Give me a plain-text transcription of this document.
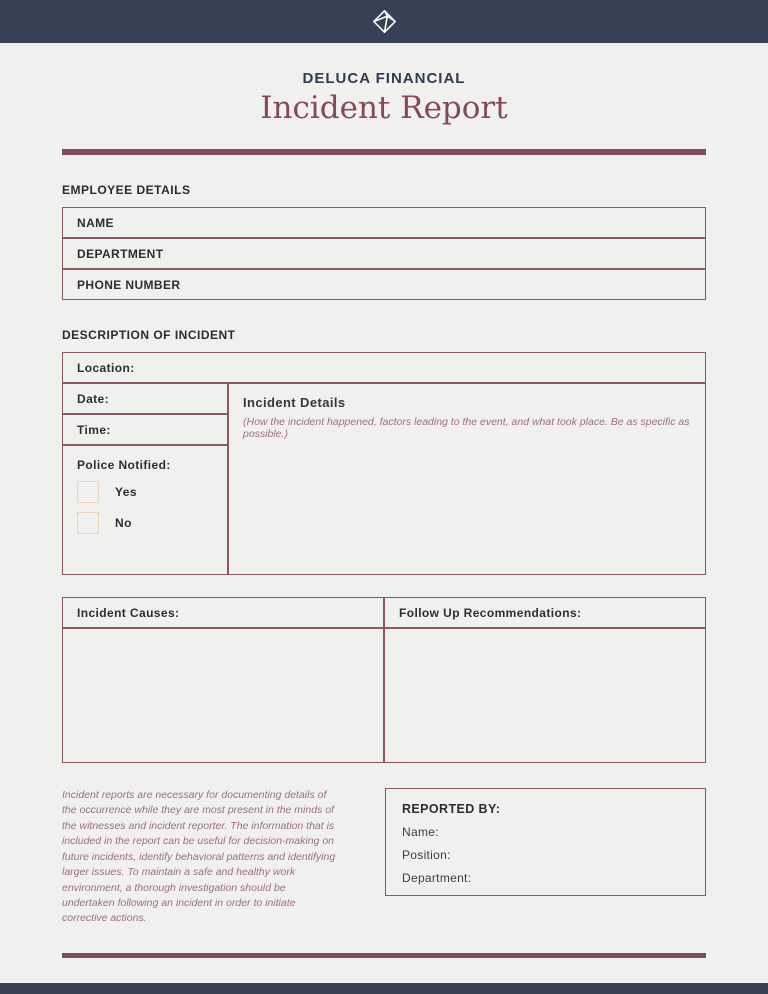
DELUCA FINANCIAL
Incident Report
EMPLOYEE DETAILS
NAME
DEPARTMENT
PHONE NUMBER
DESCRIPTION OF INCIDENT
Location:
Date:
Time:
Police Notified:
Yes
No
Incident Details
(How the incident happened, factors leading to the event, and what took place. Be as specific as possible.)
Incident Causes:	Follow Up Recommendations:
Incident reports are necessary for documenting details of the occurrence while they are most present in the minds of the witnesses and incident reporter. The information that is included in the report can be useful for decision-making on future incidents, identify behavioral patterns and identifying larger issues. To maintain a safe and healthy work environment, a thorough investigation should be undertaken following an incident in order to initiate corrective actions.
REPORTED BY:
Name:
Position:
Department:
